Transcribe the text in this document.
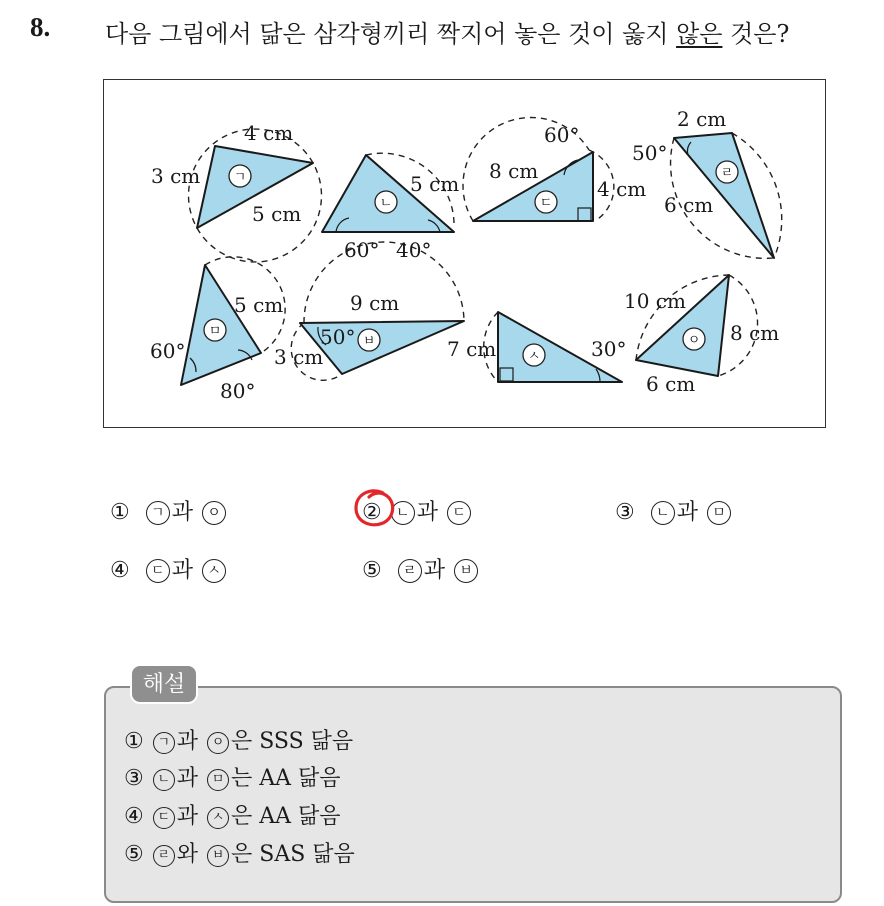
8. 다음 그림에서 닮은 삼각형끼리 짝지어 놓은 것이 옳지 않은 것은?
3 cm
4 cm
5 cm
5 cm
60° 40°
8 cm
4 cm
60°
2 cm
6 cm
50°
5 cm
60°
80°
9 cm
3 cm
50°	7 cm	30°
10 cm
8 cm
6 cm
ㄱ
ㄴ	ㄷ
ㄹ
ㅁ
ㅂ
ㅅ
ㅇ
① ㄱ 과 ㅇ	② ㄴ 과 ㄷ	③ ㄴ 과 ㅁ
④ ㄷ 과 ㅅ	⑤ ㄹ 과 ㅂ
해설
① ㄱ 과 ㅇ 은 SSS 닮음
③ ㄴ 과 ㅁ 는 AA 닮음
④ ㄷ 과 ㅅ 은 AA 닮음
⑤ ㄹ 와 ㅂ 은 SAS 닮음
